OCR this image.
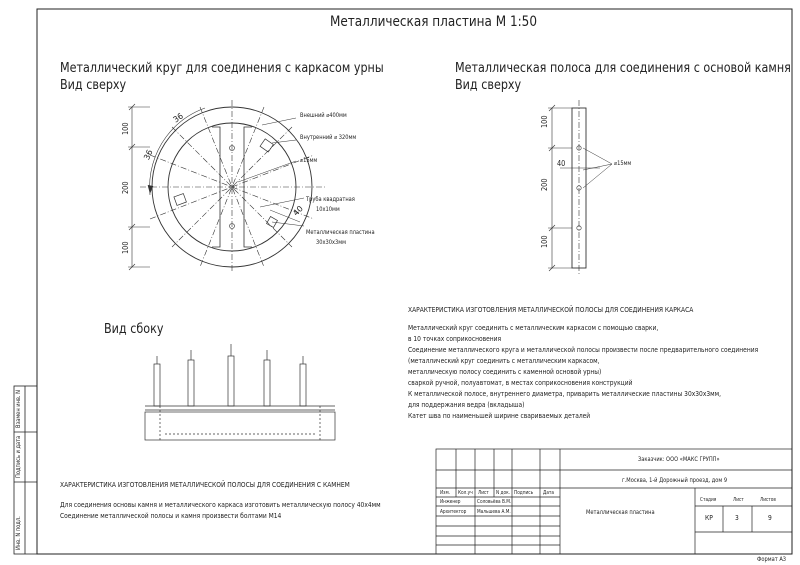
Металлическая пластина М 1:50
Инв. N подл.
Подпись и дата
Взамен инв. N
Металлический круг для соединения с каркасом урны
Вид сверху
100
200
100
36
36
40
Внешний ⌀400мм
Внутренний ⌀ 320мм
⌀15мм
Труба квадратная
10x10мм
Металлическая пластина
30x30x3мм
Металлическая полоса для соединения с основой камня
Вид сверху
100
200
100
40	⌀15мм
Вид сбоку
ХАРАКТЕРИСТИКА ИЗГОТОВЛЕНИЯ МЕТАЛЛИЧЕСКОЙ ПОЛОСЫ ДЛЯ СОЕДИНЕНИЯ КАРКАСА
Металлический круг соединить с металлическим каркасом с помощью сварки,
в 10 точках соприкосновения
Соединение металлического круга и металлической полосы произвести после предварительного соединения
(металлический круг соединить с металлическим каркасом,
металлическую полосу соединить с каменной основой урны)
сваркой ручной, полуавтомат, в местах соприкосновения конструкций
К металлической полосе, внутреннего диаметра, приварить металлические пластины 30x30x3мм,
для поддержания ведра (вкладыша)
Катет шва по наименьшей ширине свариваемых деталей
ХАРАКТЕРИСТИКА ИЗГОТОВЛЕНИЯ МЕТАЛЛИЧЕСКОЙ ПОЛОСЫ ДЛЯ СОЕДИНЕНИЯ С КАМНЕМ
Для соединения основы камня и металлического каркаса изготовить металлическую полосу 40x4мм
Соединение металлической полосы и камня произвести болтами М14
Заказчик: ООО «МАКС ГРУПП»
г.Москва, 1-й Дорожный проезд, дом 9
Металлическая пластина
Изм. Кол.уч Лист N док. Подпись Дата
Инженер	Соловьёва В.М.
Архитектор Мальшева А.М.
Стадия	Лист	Листов
КР	3	9
Формат А3
